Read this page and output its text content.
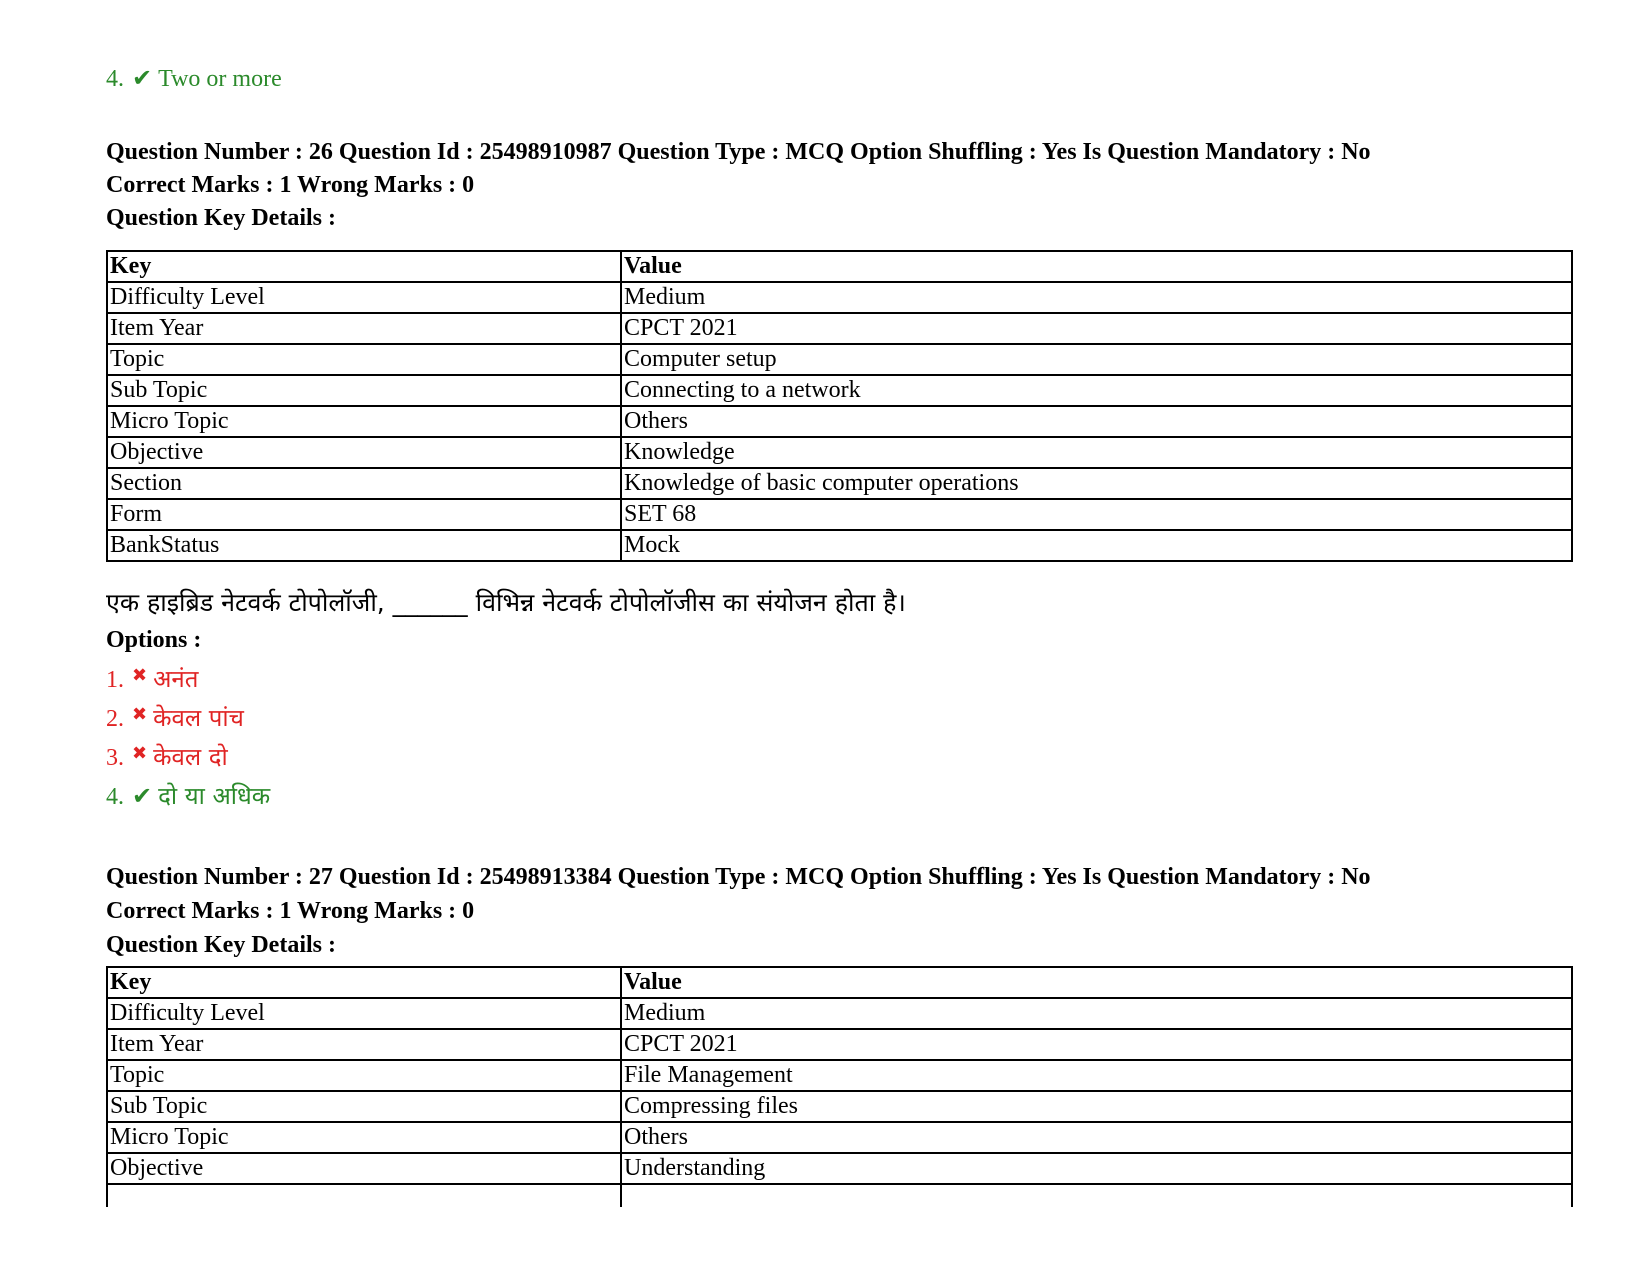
4. ✔ Two or more
Question Number : 26 Question Id : 25498910987 Question Type : MCQ Option Shuffling : Yes Is Question Mandatory : No
Correct Marks : 1 Wrong Marks : 0
Question Key Details :
Key	Value
Difficulty Level	Medium
Item Year	CPCT 2021
Topic	Computer setup
Sub Topic	Connecting to a network
Micro Topic	Others
Objective	Knowledge
Section	Knowledge of basic computer operations
Form	SET 68
BankStatus	Mock
एक हाइब्रिड नेटवर्क टोपोलॉजी, ______ विभिन्न नेटवर्क टोपोलॉजीस का संयोजन होता है।
Options :
1. ✖ अनंत
2. ✖ केवल पांच
3. ✖ केवल दो
4. ✔ दो या अधिक
Question Number : 27 Question Id : 25498913384 Question Type : MCQ Option Shuffling : Yes Is Question Mandatory : No
Correct Marks : 1 Wrong Marks : 0
Question Key Details :
Key	Value
Difficulty Level	Medium
Item Year	CPCT 2021
Topic	File Management
Sub Topic	Compressing files
Micro Topic	Others
Objective	Understanding
